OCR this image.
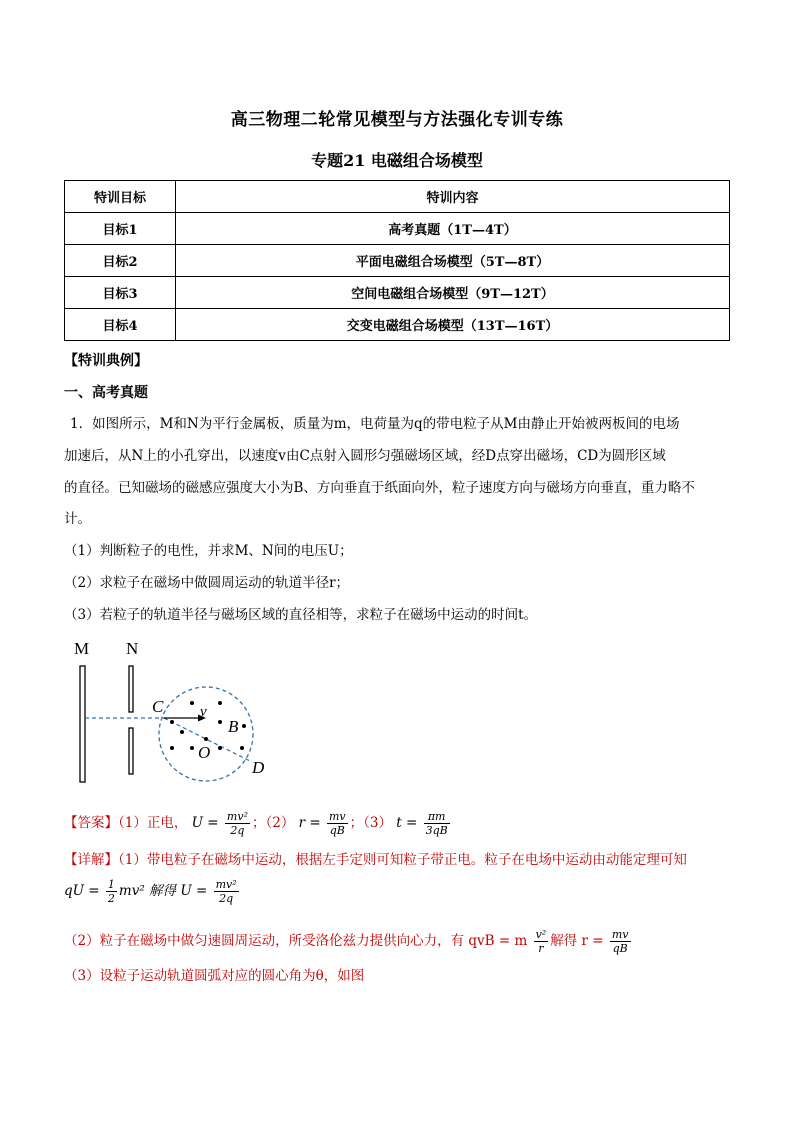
高三物理二轮常见模型与方法强化专训专练
专题21 电磁组合场模型
特训目标	特训内容
目标1	高考真题（1T—4T）
目标2	平面电磁组合场模型（5T—8T）
目标3	空间电磁组合场模型（9T—12T）
目标4	交变电磁组合场模型（13T—16T）
【特训典例】
一、高考真题
1．如图所示，M和N为平行金属板，质量为m，电荷量为q的带电粒子从M由静止开始被两板间的电场
加速后，从N上的小孔穿出，以速度v由C点射入圆形匀强磁场区域，经D点穿出磁场，CD为圆形区域
的直径。已知磁场的磁感应强度大小为B、方向垂直于纸面向外，粒子速度方向与磁场方向垂直，重力略不
计。
（1）判断粒子的电性，并求M、N间的电压U；
（2）求粒子在磁场中做圆周运动的轨道半径r；
（3）若粒子的轨道半径与磁场区域的直径相等，求粒子在磁场中运动的时间t。
M N
C v
B
O
D
【答案】（1）正电， $U = \frac{\text{mv²}}{2q}$ ；（2） $r = \frac{mv}{qB}$ ；（3） $t = \frac{\pi m}{3qB}$
【详解】（1）带电粒子在磁场中运动，根据左手定则可知粒子带正电。粒子在电场中运动由动能定理可知
qU = $\frac{1}{2} mv^2$ 解得 $U = \frac{\text{mv²}}{2q}$
（2）粒子在磁场中做匀速圆周运动，所受洛伦兹力提供向心力，有 qvB = m $\frac{\text{v²}}{r}$ 解得 $r = \frac{mv}{qB}$
（3）设粒子运动轨道圆弧对应的圆心角为θ，如图
